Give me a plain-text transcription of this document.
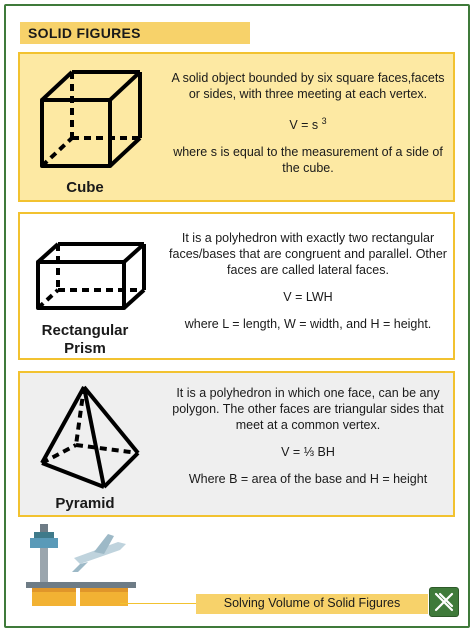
SOLID FIGURES
Cube

A solid object bounded by six square faces,facets or sides, with three meeting at each vertex.

V = s $^3$

where s is equal to the measurement of a side of the cube.

Rectangular Prism

It is a polyhedron with exactly two rectangular faces/bases that are congruent and parallel. Other faces are called lateral faces.

V = LWH

where L = length, W = width, and H = height.

Pyramid

It is a polyhedron in which one face, can be any polygon. The other faces are triangular sides that meet at a common vertex.

V = ⅓ BH

Where B = area of the base and H = height

Solving Volume of Solid Figures
